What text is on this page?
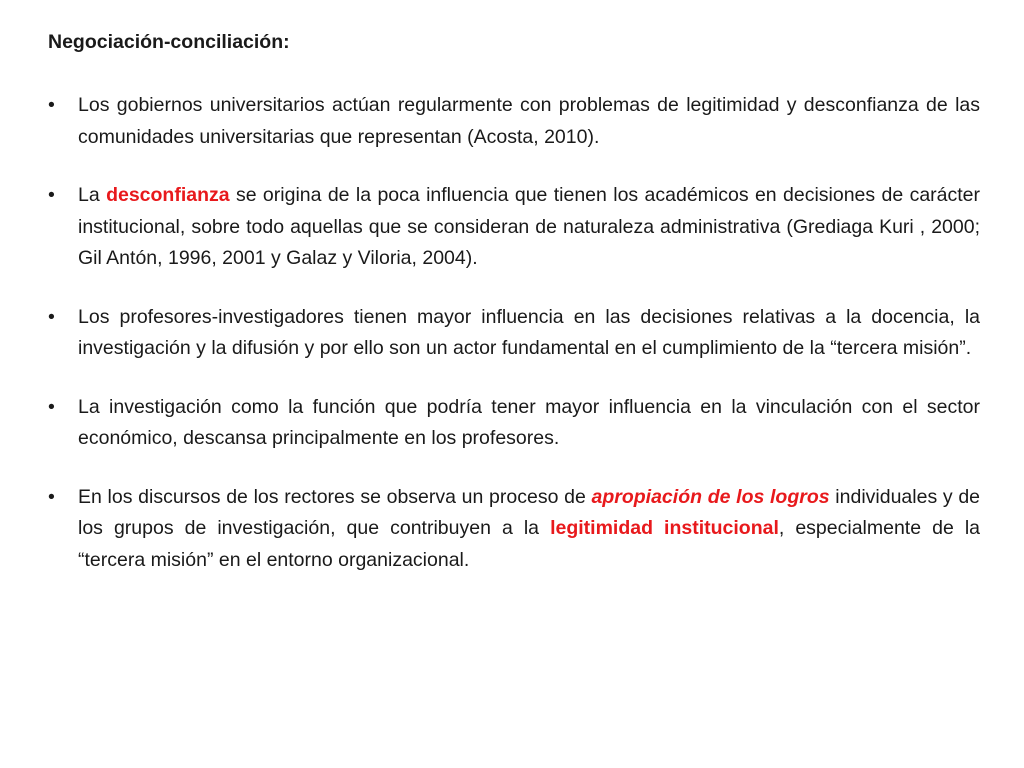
Negociación-conciliación:
• Los gobiernos universitarios actúan regularmente con problemas de legitimidad y desconfianza de las comunidades universitarias que representan (Acosta, 2010).
• La desconfianza se origina de la poca influencia que tienen los académicos en decisiones de carácter institucional, sobre todo aquellas que se consideran de naturaleza administrativa (Grediaga Kuri , 2000; Gil Antón, 1996, 2001 y Galaz y Viloria, 2004).
• Los profesores-investigadores tienen mayor influencia en las decisiones relativas a la docencia, la investigación y la difusión y por ello son un actor fundamental en el cumplimiento de la “tercera misión”.
• La investigación como la función que podría tener mayor influencia en la vinculación con el sector económico, descansa principalmente en los profesores.
• En los discursos de los rectores se observa un proceso de apropiación de los logros individuales y de los grupos de investigación, que contribuyen a la legitimidad institucional, especialmente de la “tercera misión” en el entorno organizacional.
